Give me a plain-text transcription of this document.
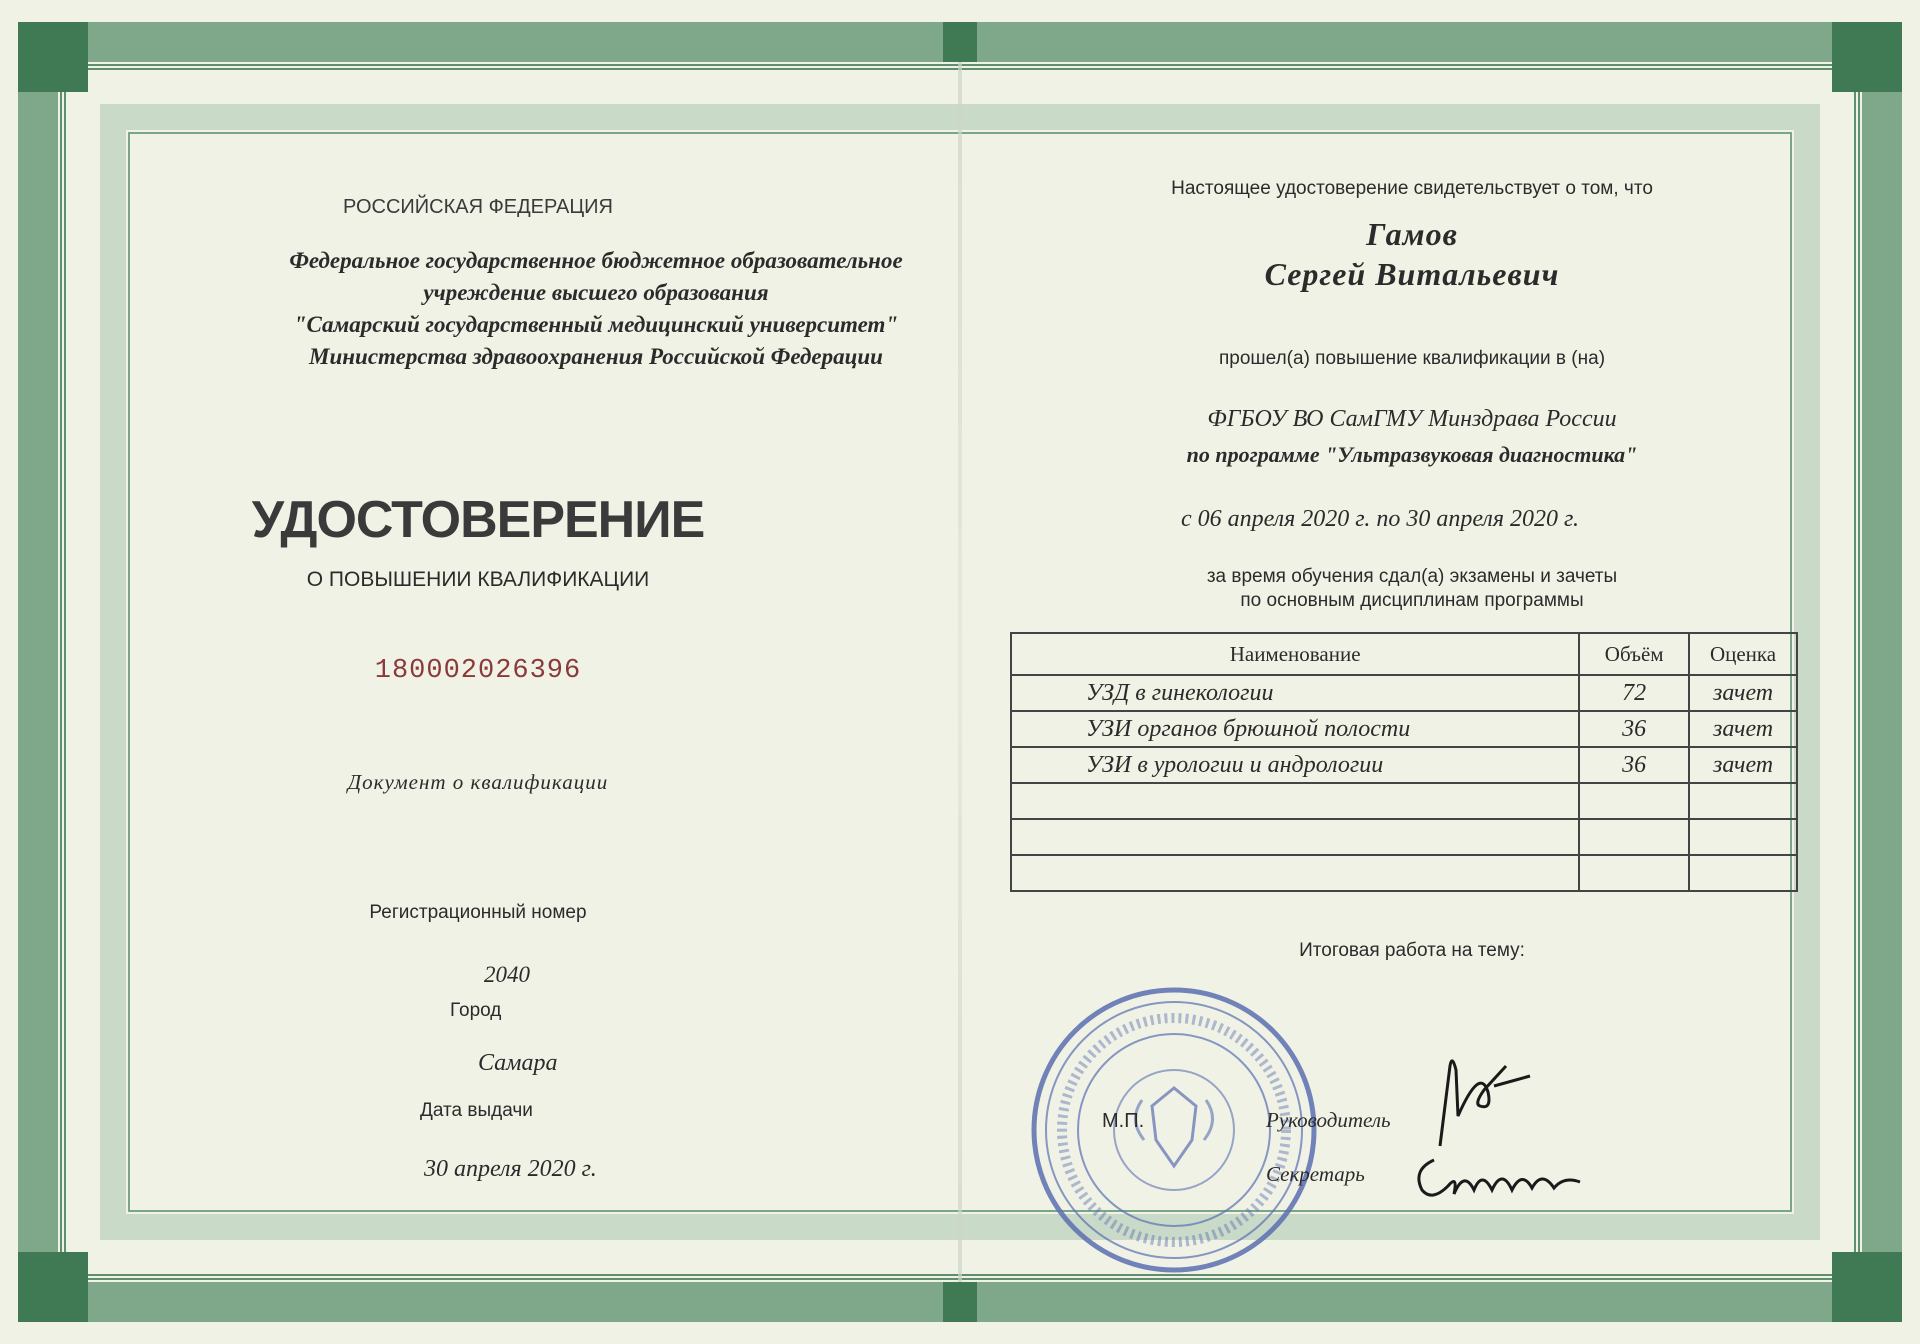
РОССИЙСКАЯ ФЕДЕРАЦИЯ
Федеральное государственное бюджетное образовательное
учреждение высшего образования
"Самарский государственный медицинский университет"
Министерства здравоохранения Российской Федерации
УДОСТОВЕРЕНИЕ
О ПОВЫШЕНИИ КВАЛИФИКАЦИИ
180002026396
Документ о квалификации
Регистрационный номер
2040
Город
Самара
Дата выдачи
30 апреля 2020 г.
Настоящее удостоверение свидетельствует о том, что
Гамов
Сергей Витальевич
прошел(а) повышение квалификации в (на)
ФГБОУ ВО СамГМУ Минздрава России
по программе "Ультразвуковая диагностика"
с 06 апреля 2020 г. по 30 апреля 2020 г.
за время обучения сдал(а) экзамены и зачеты
по основным дисциплинам программы
Наименование	Объём	Оценка
УЗД в гинекологии	72	зачет
УЗИ органов брюшной полости	36	зачет
УЗИ в урологии и андрологии	36	зачет

Итоговая работа на тему:
М.П.	Руководитель
Секретарь
